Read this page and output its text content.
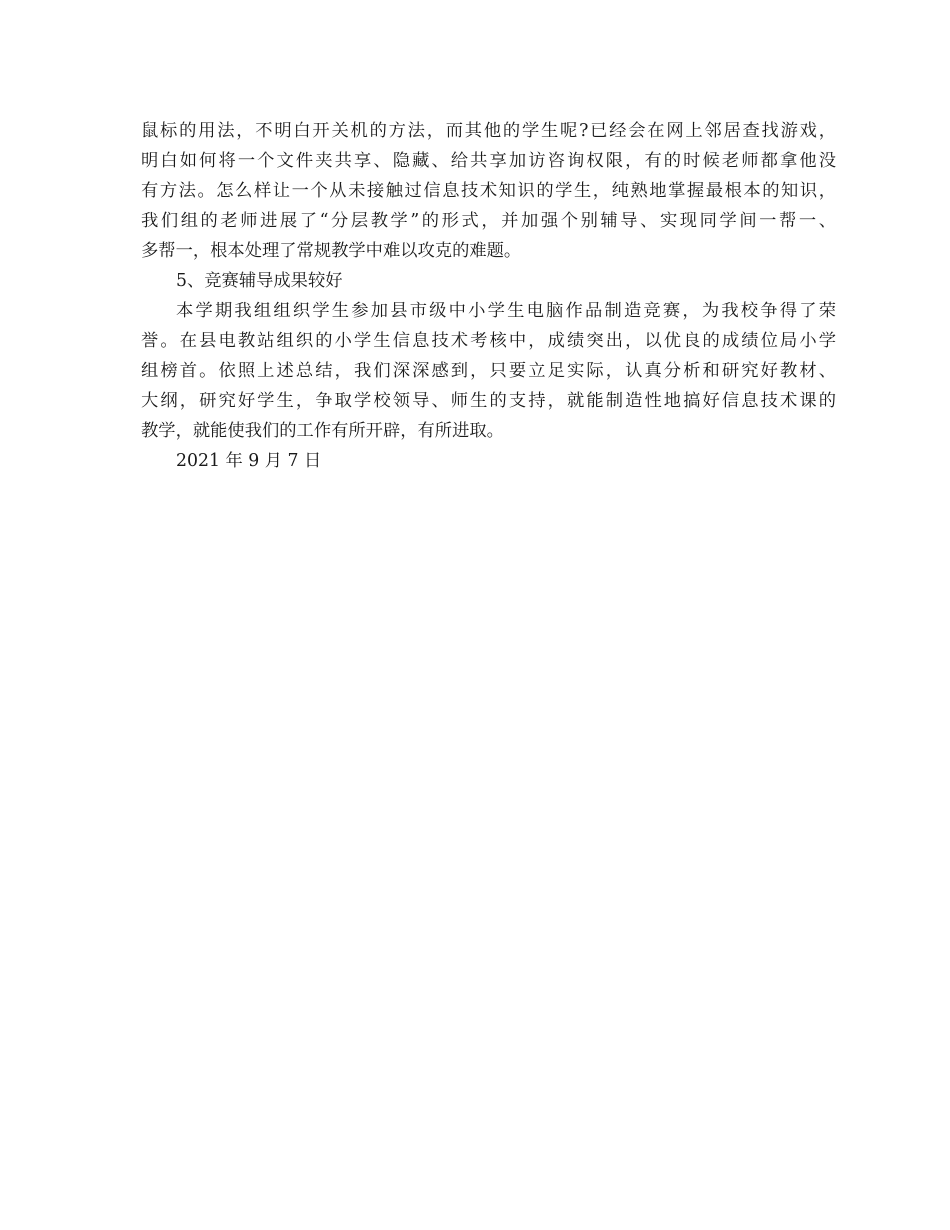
鼠标的用法，不明白开关机的方法，而其他的学生呢?已经会在网上邻居查找游戏，
明白如何将一个文件夹共享、隐藏、给共享加访咨询权限，有的时候老师都拿他没
有方法。怎么样让一个从未接触过信息技术知识的学生，纯熟地掌握最根本的知识，
我们组的老师进展了“分层教学”的形式，并加强个别辅导、实现同学间一帮一、
多帮一，根本处理了常规教学中难以攻克的难题。
5、竞赛辅导成果较好
本学期我组组织学生参加县市级中小学生电脑作品制造竞赛，为我校争得了荣
誉。在县电教站组织的小学生信息技术考核中，成绩突出，以优良的成绩位局小学
组榜首。依照上述总结，我们深深感到，只要立足实际，认真分析和研究好教材、
大纲，研究好学生，争取学校领导、师生的支持，就能制造性地搞好信息技术课的
教学，就能使我们的工作有所开辟，有所进取。
2021 年 9 月 7 日
